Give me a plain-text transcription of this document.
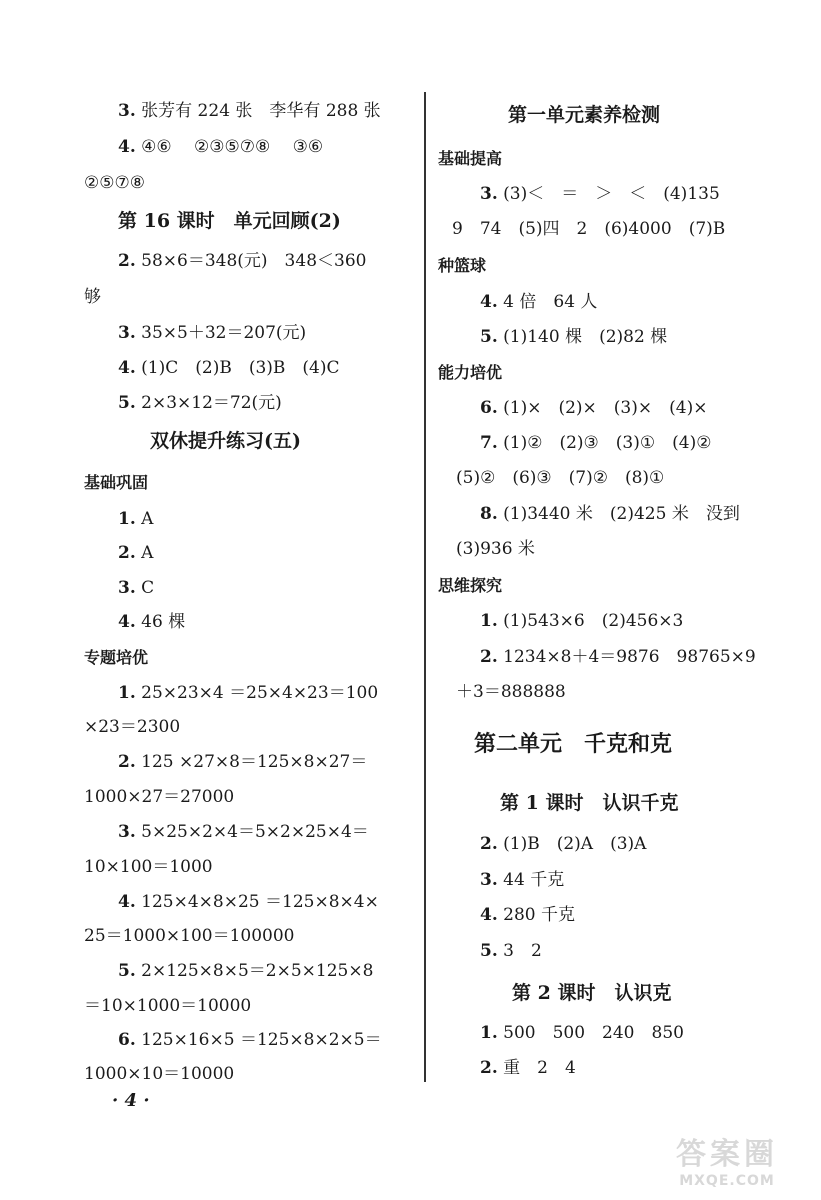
3. 张芳有 224 张　李华有 288 张
4. ④⑥　 ②③⑤⑦⑧　 ③⑥
②⑤⑦⑧
第 16 课时　单元回顾(2)
2. 58×6＝348(元)　348＜360
够
3. 35×5＋32＝207(元)
4. (1)C　(2)B　(3)B　(4)C
5. 2×3×12＝72(元)
双休提升练习(五)
基础巩固
1. A
2. A
3. C
4. 46 棵
专题培优
1. 25×23×4 ＝25×4×23＝100
×23＝2300
2. 125 ×27×8＝125×8×27＝
1000×27＝27000
3. 5×25×2×4＝5×2×25×4＝
10×100＝1000
4. 125×4×8×25 ＝125×8×4×
25＝1000×100＝100000
5. 2×125×8×5＝2×5×125×8
＝10×1000＝10000
6. 125×16×5 ＝125×8×2×5＝
1000×10＝10000
第一单元素养检测
基础提高
3. (3)＜　＝　＞　＜　(4)135
9　74　(5)四　2　(6)4000　(7)B
种篮球
4. 4 倍　64 人
5. (1)140 棵　(2)82 棵
能力培优
6. (1)×　(2)×　(3)×　(4)×
7. (1)②　(2)③　(3)①　(4)②
(5)②　(6)③　(7)②　(8)①
8. (1)3440 米　(2)425 米　没到
(3)936 米
思维探究
1. (1)543×6　(2)456×3
2. 1234×8＋4＝9876　98765×9
＋3＝888888
第二单元　千克和克
第 1 课时　认识千克
2. (1)B　(2)A　(3)A
3. 44 千克
4. 280 千克
5. 3　2
第 2 课时　认识克
1. 500　500　240　850
2. 重　2　4
· 4 ·
答案圈
MXQE.COM
